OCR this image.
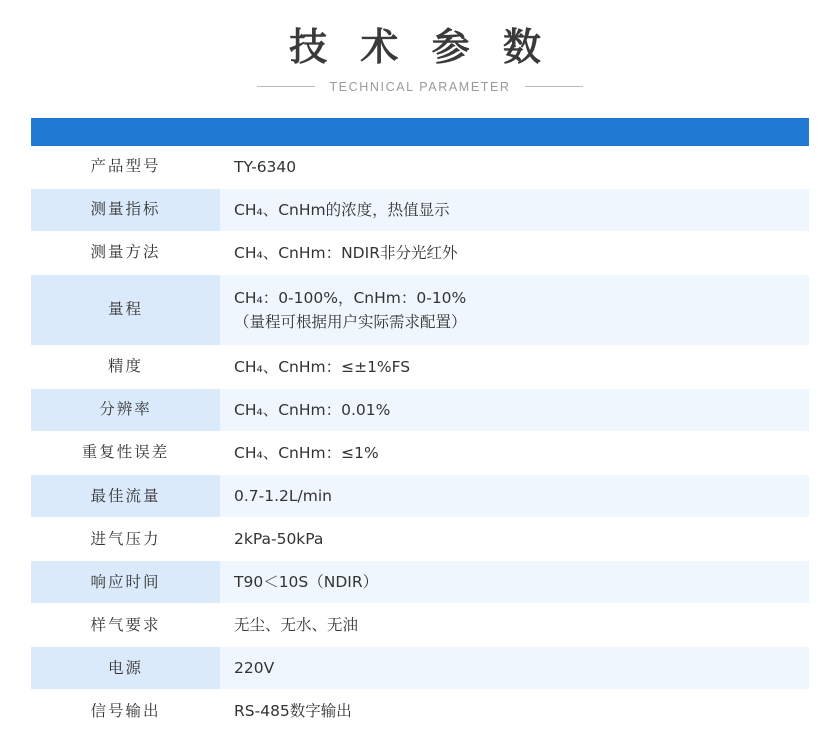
技 术 参 数
TECHNICAL PARAMETER

产品型号	TY-6340
测量指标	CH₄、CnHm的浓度，热值显示
测量方法	CH₄、CnHm：NDIR非分光红外
量程	CH₄：0-100%，CnHm：0-10%
（量程可根据用户实际需求配置）

精度	CH₄、CnHm：≤±1%FS
分辨率	CH₄、CnHm：0.01%
重复性误差	CH₄、CnHm：≤1%
最佳流量	0.7-1.2L/min
进气压力	2kPa-50kPa
响应时间	T90＜10S（NDIR）
样气要求	无尘、无水、无油
电源	220V
信号输出	RS-485数字输出
